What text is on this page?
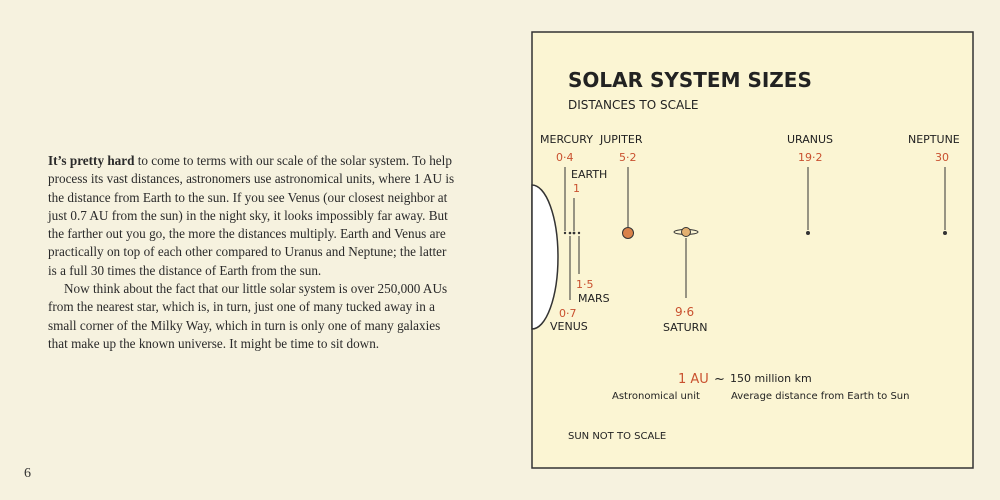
It’s pretty hard to come to terms with our scale of the solar system. To help process its vast distances, astronomers use astronomical units, where 1 AU is the distance from Earth to the sun. If you see Venus (our closest neighbor at just 0.7 AU from the sun) in the night sky, it looks impossibly far away. But the farther out you go, the more the distances multiply. Earth and Venus are practically on top of each other compared to Uranus and Neptune; the latter is a full 30 times the distance of Earth from the sun.

Now think about the fact that our little solar system is over 250,000 AUs from the nearest star, which is, in turn, just one of many tucked away in a small corner of the Milky Way, which in turn is only one of many galaxies that make up the known universe. It might be time to sit down.

6
SOLAR SYSTEM SIZES
DISTANCES TO SCALE
MERCURY
0·4
EARTH
1
0·7
VENUS
1·5
MARS
JUPITER
5·2
9·6
SATURN
URANUS
19·2
NEPTUNE
30
1 AU ~ 150 million km
Astronomical unit	Average distance from Earth to Sun
SUN NOT TO SCALE
